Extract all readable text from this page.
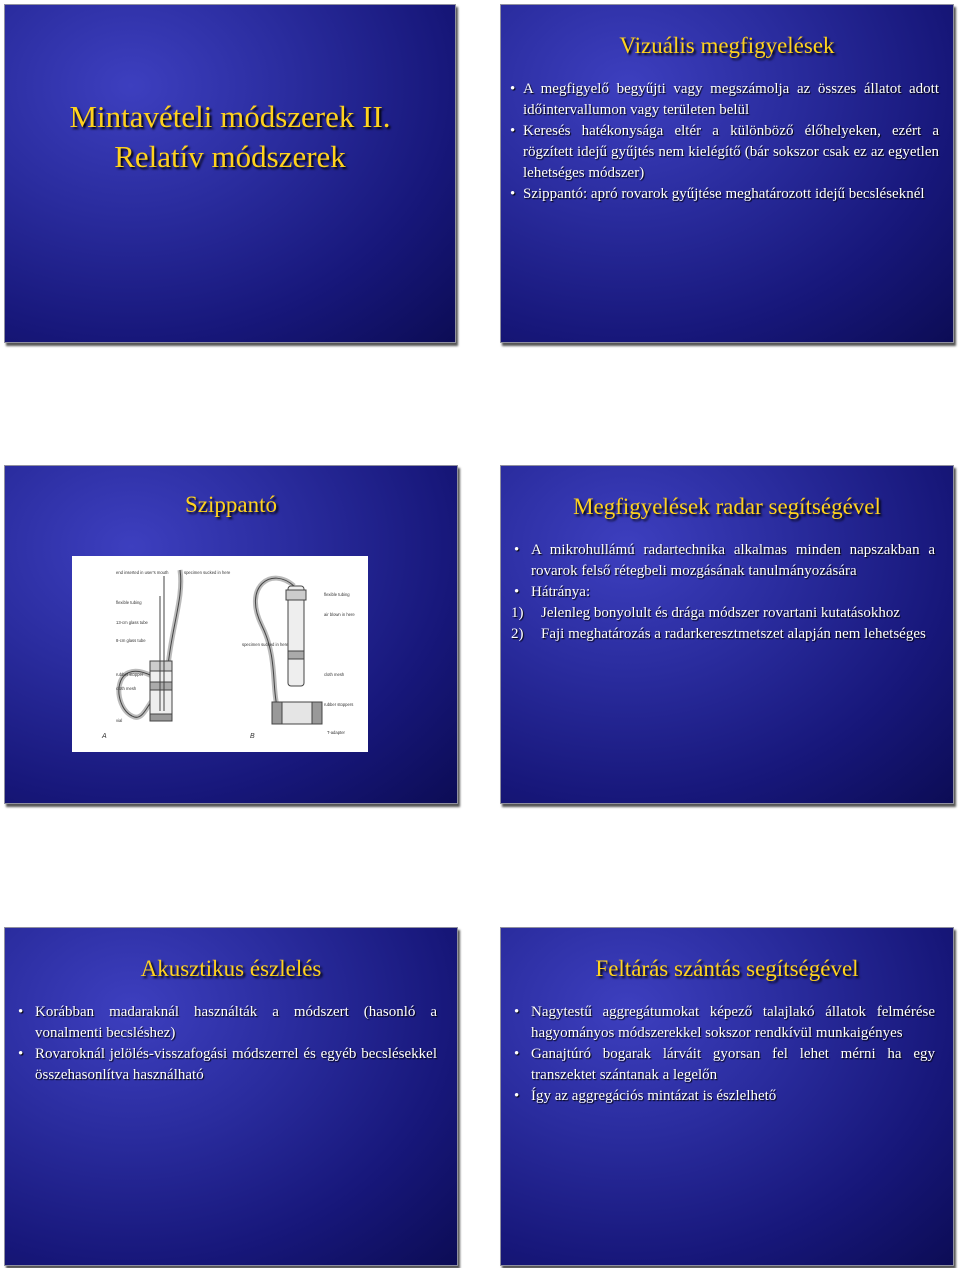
Mintavételi módszerek II.
Relatív módszerek
Vizuális megfigyelések

• A megfigyelő begyűjti vagy megszámolja az összes állatot adott időintervallumon vagy területen belül

• Keresés hatékonysága eltér a különböző élőhelyeken, ezért a rögzített idejű gyűjtés nem kielégítő (bár sokszor csak ez az egyetlen lehetséges módszer)

• Szippantó: apró rovarok gyűjtése meghatározott idejű becsléseknél

Szippantó
end inserted in user's mouth
flexible tubing
13-cm glass tube
8-cm glass tube
rubber stopper
cloth mesh
vial
specimen sucked in here
A
flexible tubing
air blown in here
specimen sucked in here
cloth mesh
rubber stoppers
T-adapter
B
Megfigyelések radar segítségével

• A mikrohullámú radartechnika alkalmas minden napszakban a rovarok felső rétegbeli mozgásának tanulmányozására

• Hátránya:

1) Jelenleg bonyolult és drága módszer rovartani kutatásokhoz

2) Faji meghatározás a radarkeresztmetszet alapján nem lehetséges

Akusztikus észlelés

• Korábban madaraknál használták a módszert (hasonló a vonalmenti becsléshez)

• Rovaroknál jelölés-visszafogási módszerrel és egyéb becslésekkel összehasonlítva használható

Feltárás szántás segítségével

• Nagytestű aggregátumokat képező talajlakó állatok felmérése hagyományos módszerekkel sokszor rendkívül munkaigényes

• Ganajtúró bogarak lárváit gyorsan fel lehet mérni ha egy transzektet szántanak a legelőn

• Így az aggregációs mintázat is észlelhető
